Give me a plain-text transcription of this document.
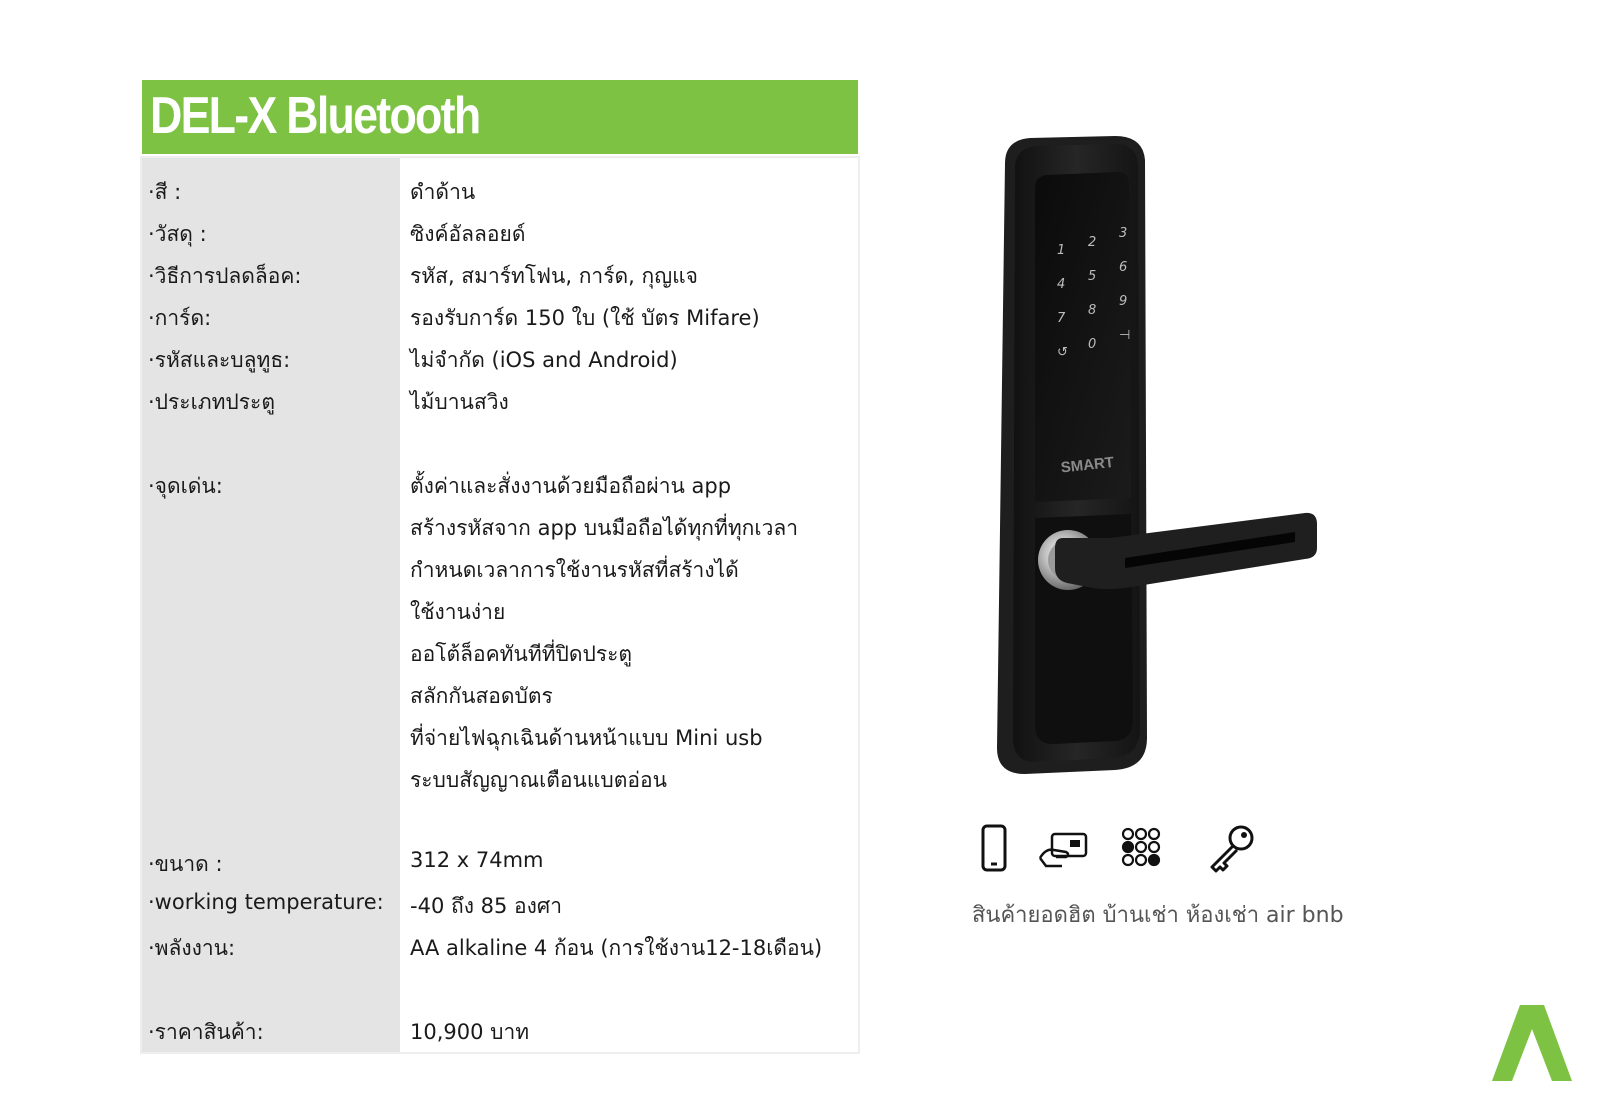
DEL-X Bluetooth
·สี :	ดำด้าน
·วัสดุ :	ซิงค์อัลลอยด์
·วิธีการปลดล็อค:	รหัส, สมาร์ทโฟน, การ์ด, กุญแจ
·การ์ด:	รองรับการ์ด 150 ใบ (ใช้ บัตร Mifare)
·รหัสและบลูทูธ:	ไม่จำกัด (iOS and Android)
·ประเภทประตู	ไม้บานสวิง
·จุดเด่น:	ตั้งค่าและสั่งงานด้วยมือถือผ่าน app
สร้างรหัสจาก app บนมือถือได้ทุกที่ทุกเวลา
กำหนดเวลาการใช้งานรหัสที่สร้างได้
ใช้งานง่าย
ออโต้ล็อคทันทีที่ปิดประตู
สลักกันสอดบัตร
ที่จ่ายไฟฉุกเฉินด้านหน้าแบบ Mini usb
ระบบสัญญาณเตือนแบตอ่อน
·ขนาด :	312 x 74mm
·working temperature: -40 ถึง 85 องศา
·พลังงาน:	AA alkaline 4 ก้อน (การใช้งาน12-18เดือน)
·ราคาสินค้า:	10,900 บาท
1
2
3
4
5
6
7
8
9
↺
0
⊣
SMART
สินค้ายอดฮิต บ้านเช่า ห้องเช่า air bnb
